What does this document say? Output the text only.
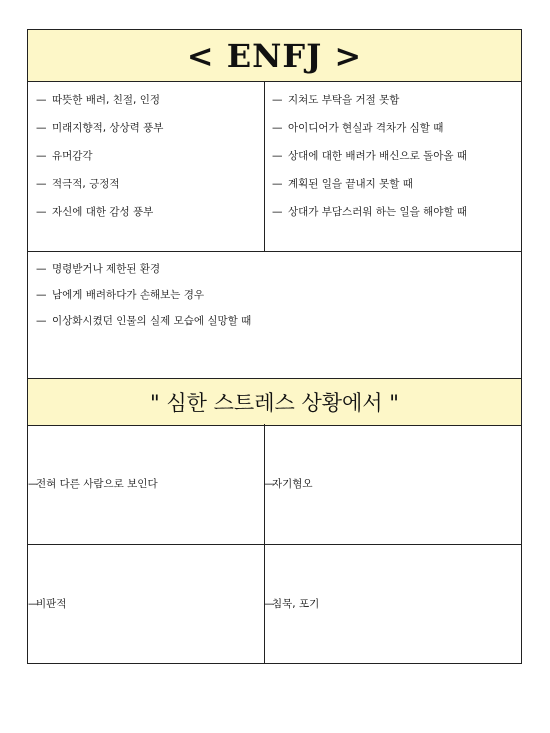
< ENFJ >
— 따뜻한 배려, 친절, 인정
— 미래지향적, 상상력 풍부
— 유머감각
— 적극적, 긍정적
— 자신에 대한 감성 풍부
— 지쳐도 부탁을 거절 못함
— 아이디어가 현실과 격차가 심할 때
— 상대에 대한 배려가 배신으로 돌아올 때
— 계획된 일을 끝내지 못할 때
— 상대가 부담스러워 하는 일을 해야할 때
— 명령받거나 제한된 환경
— 남에게 배려하다가 손해보는 경우
— 이상화시켰던 인물의 실제 모습에 실망할 때
" 심한 스트레스 상황에서 "
— 전혀 다른 사람으로 보인다	— 자기혐오
— 비판적	— 침묵, 포기
